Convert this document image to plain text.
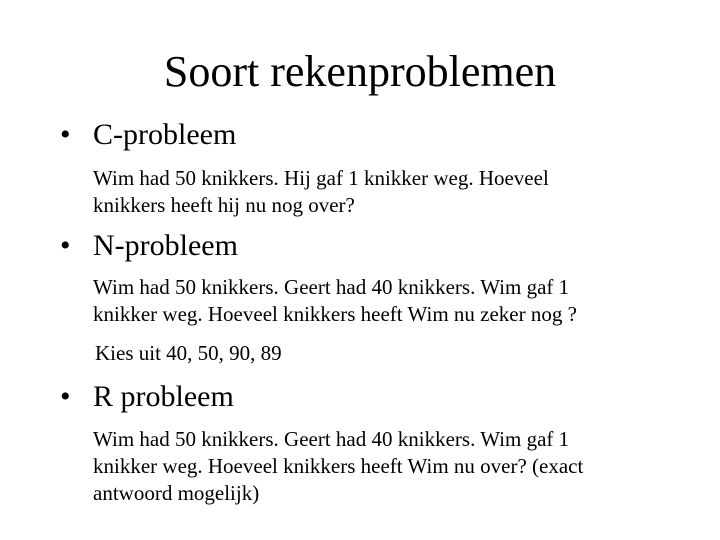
Soort rekenproblemen
• C-probleem
Wim had 50 knikkers. Hij gaf 1 knikker weg. Hoeveel
knikkers heeft hij nu nog over?
• N-probleem
Wim had 50 knikkers. Geert had 40 knikkers. Wim gaf 1
knikker weg. Hoeveel knikkers heeft Wim nu zeker nog ?
Kies uit 40, 50, 90, 89
• R probleem
Wim had 50 knikkers. Geert had 40 knikkers. Wim gaf 1
knikker weg. Hoeveel knikkers heeft Wim nu over? (exact
antwoord mogelijk)
